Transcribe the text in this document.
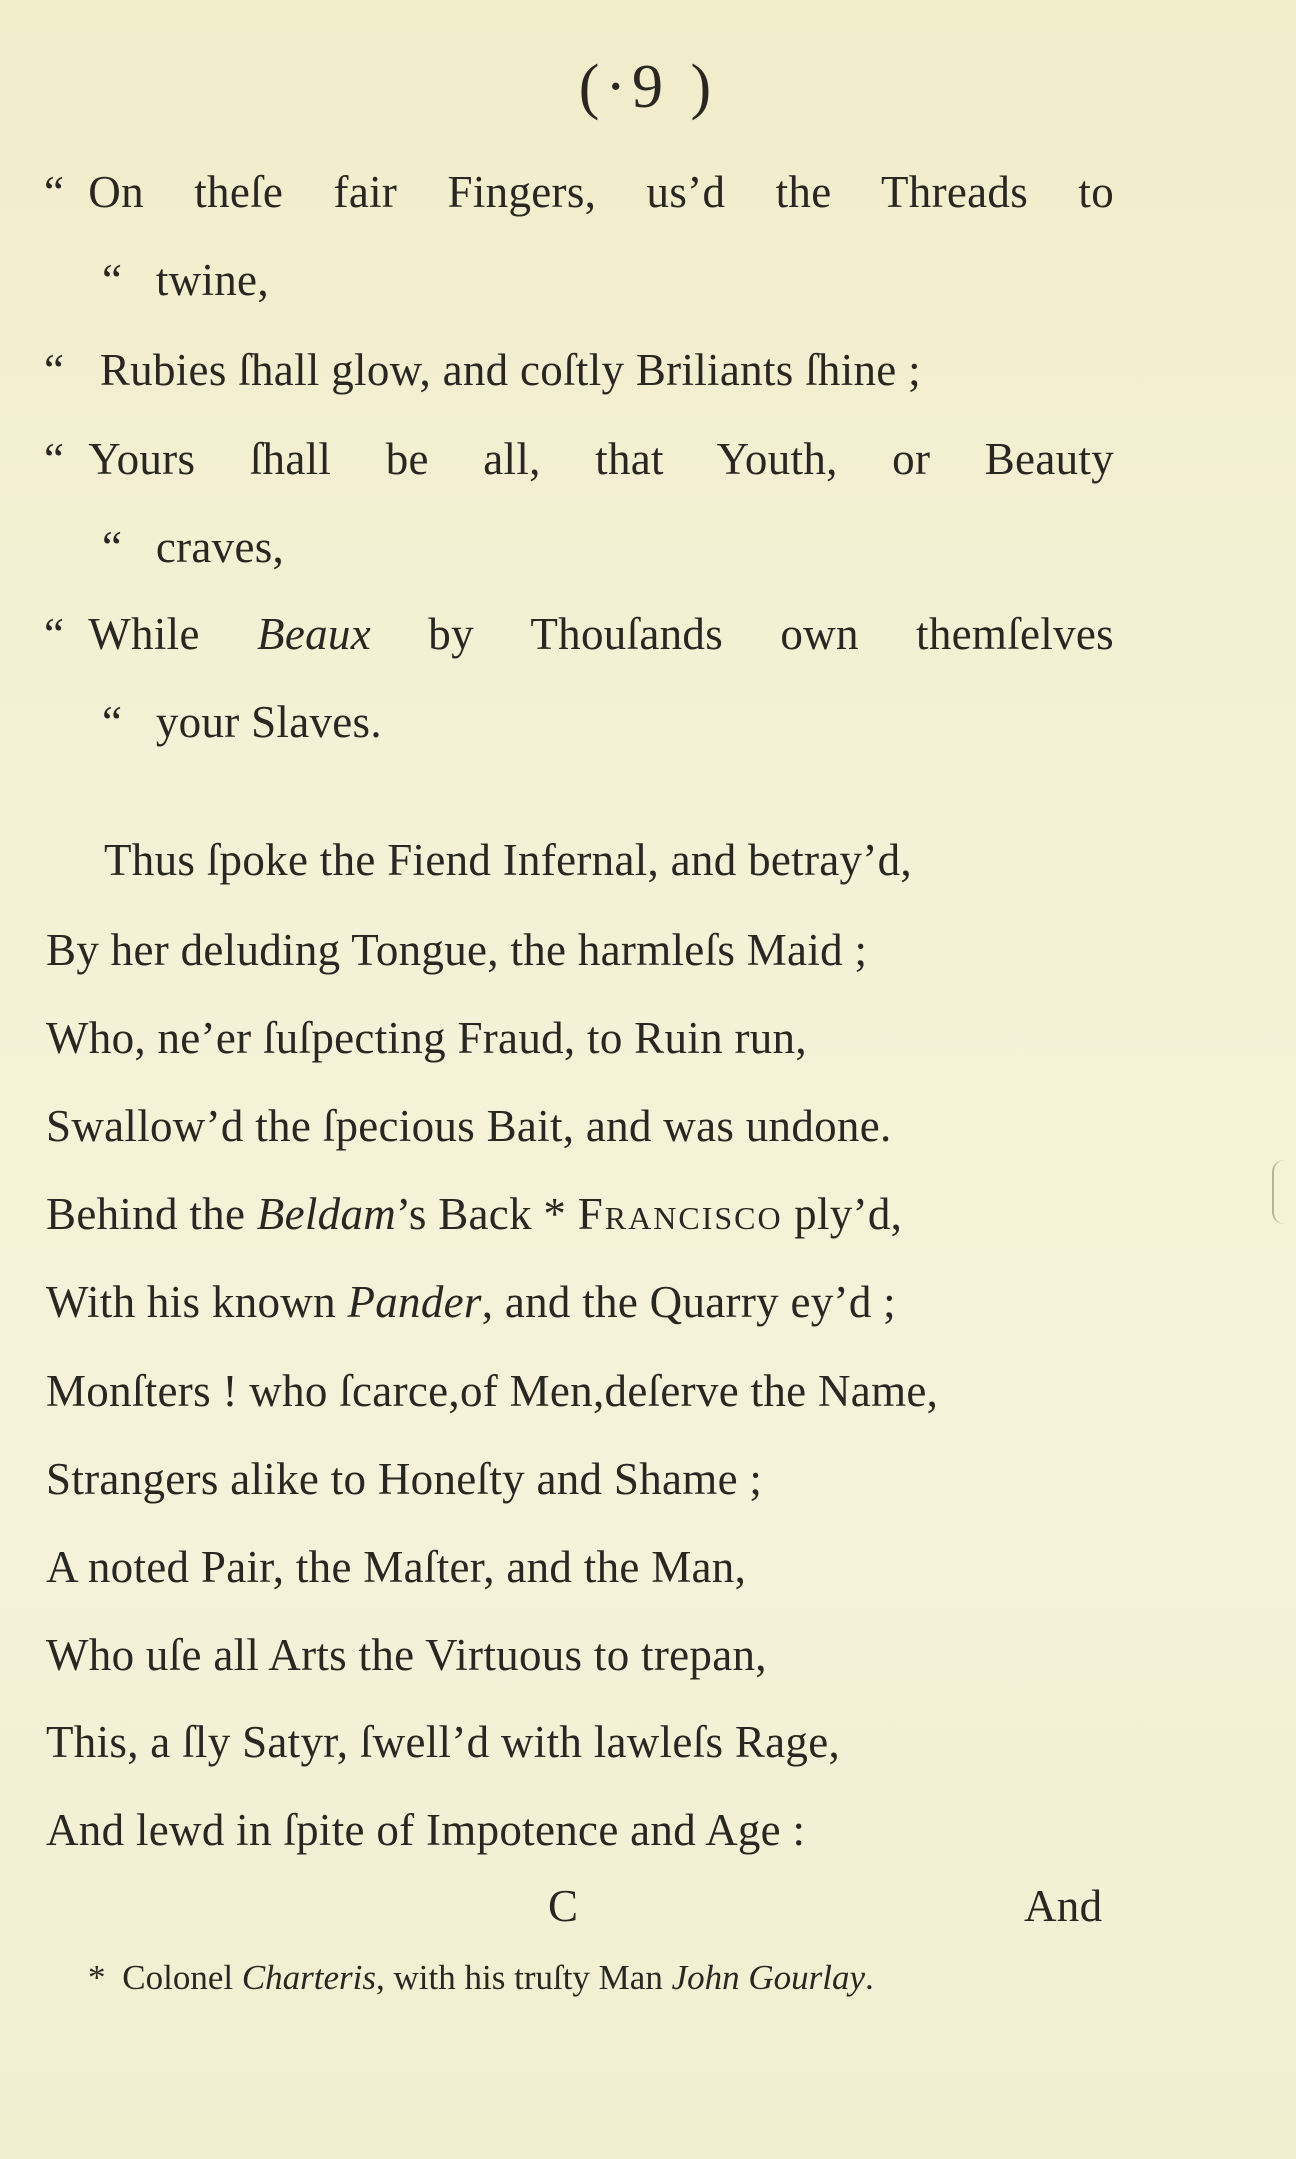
(·9 )
“ On theſe fair Fingers, us’d the Threads to
“ twine,
“ Rubies ſhall glow, and coſtly Briliants ſhine ;
“ Yours ſhall be all, that Youth, or Beauty
“ craves,
“ While Beaux by Thouſands own themſelves
“ your Slaves.
Thus ſpoke the Fiend Infernal, and betray’d,
By her deluding Tongue, the harmleſs Maid ;
Who, ne’er ſuſpecting Fraud, to Ruin run,
Swallow’d the ſpecious Bait, and was undone.
Behind the Beldam’s Back * Francisco ply’d,
With his known Pander, and the Quarry ey’d ;
Monſters ! who ſcarce,of Men,deſerve the Name,
Strangers alike to Honeſty and Shame ;
A noted Pair, the Maſter, and the Man,
Who uſe all Arts the Virtuous to trepan,
This, a ſly Satyr, ſwell’d with lawleſs Rage,
And lewd in ſpite of Impotence and Age :
C	And
* Colonel Charteris, with his truſty Man John Gourlay.
